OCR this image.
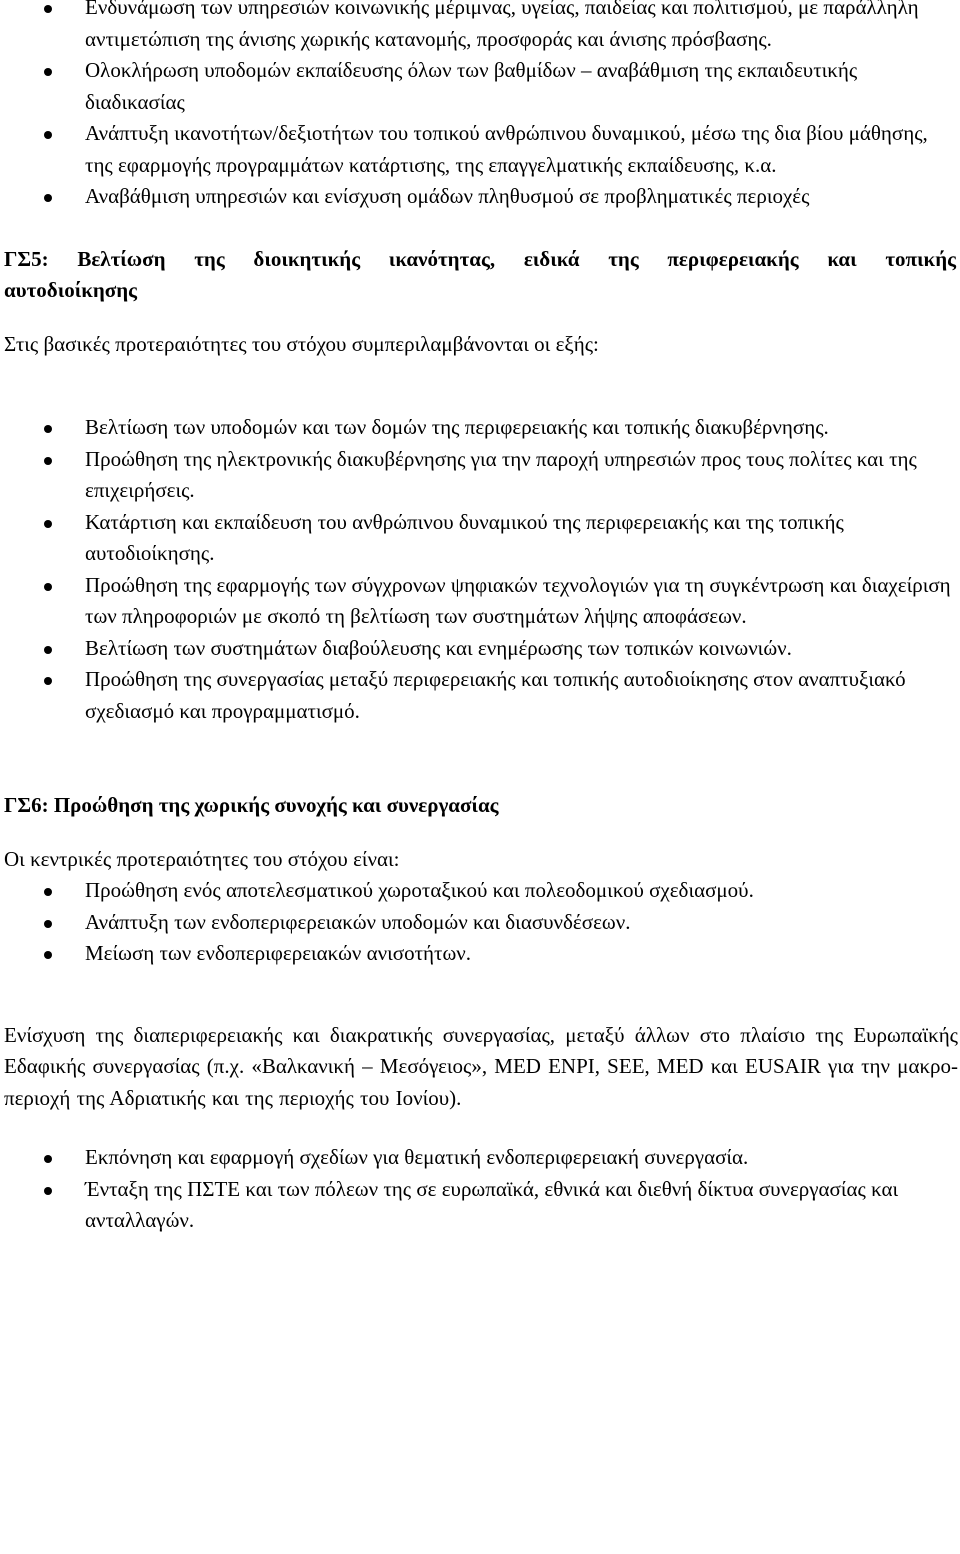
Ενδυνάμωση των υπηρεσιών κοινωνικής μέριμνας, υγείας, παιδείας και πολιτισμού, με παράλληλη αντιμετώπιση της άνισης χωρικής κατανομής, προσφοράς και άνισης πρόσβασης.
Ολοκλήρωση υποδομών εκπαίδευσης όλων των βαθμίδων – αναβάθμιση της εκπαιδευτικής διαδικασίας
Ανάπτυξη ικανοτήτων/δεξιοτήτων του τοπικού ανθρώπινου δυναμικού, μέσω της δια βίου μάθησης, της εφαρμογής προγραμμάτων κατάρτισης, της επαγγελματικής εκπαίδευσης, κ.α.
Αναβάθμιση υπηρεσιών και ενίσχυση ομάδων πληθυσμού σε προβληματικές περιοχές

ΓΣ5: Βελτίωση της διοικητικής ικανότητας, ειδικά της περιφερειακής και τοπικής αυτοδιοίκησης

Στις βασικές προτεραιότητες του στόχου συμπεριλαμβάνονται οι εξής:

Βελτίωση των υποδομών και των δομών της περιφερειακής και τοπικής διακυβέρνησης.
Προώθηση της ηλεκτρονικής διακυβέρνησης για την παροχή υπηρεσιών προς τους πολίτες και της επιχειρήσεις.
Κατάρτιση και εκπαίδευση του ανθρώπινου δυναμικού της περιφερειακής και της τοπικής αυτοδιοίκησης.
Προώθηση της εφαρμογής των σύγχρονων ψηφιακών τεχνολογιών για τη συγκέντρωση και διαχείριση των πληροφοριών με σκοπό τη βελτίωση των συστημάτων λήψης αποφάσεων.
Βελτίωση των συστημάτων διαβούλευσης και ενημέρωσης των τοπικών κοινωνιών.
Προώθηση της συνεργασίας μεταξύ περιφερειακής και τοπικής αυτοδιοίκησης στον αναπτυξιακό σχεδιασμό και προγραμματισμό.

ΓΣ6: Προώθηση της χωρικής συνοχής και συνεργασίας

Οι κεντρικές προτεραιότητες του στόχου είναι:

Προώθηση ενός αποτελεσματικού χωροταξικού και πολεοδομικού σχεδιασμού.
Ανάπτυξη των ενδοπεριφερειακών υποδομών και διασυνδέσεων.
Μείωση των ενδοπεριφερειακών ανισοτήτων.

Ενίσχυση της διαπεριφερειακής και διακρατικής συνεργασίας, μεταξύ άλλων στο πλαίσιο της Ευρωπαϊκής Εδαφικής συνεργασίας (π.χ. «Βαλκανική – Μεσόγειος», MED ENPI, SEE, MED και EUSAIR για την μακρο-περιοχή της Αδριατικής και της περιοχής του Ιονίου).

Εκπόνηση και εφαρμογή σχεδίων για θεματική ενδοπεριφερειακή συνεργασία.
Ένταξη της ΠΣΤΕ και των πόλεων της σε ευρωπαϊκά, εθνικά και διεθνή δίκτυα συνεργασίας και ανταλλαγών.
